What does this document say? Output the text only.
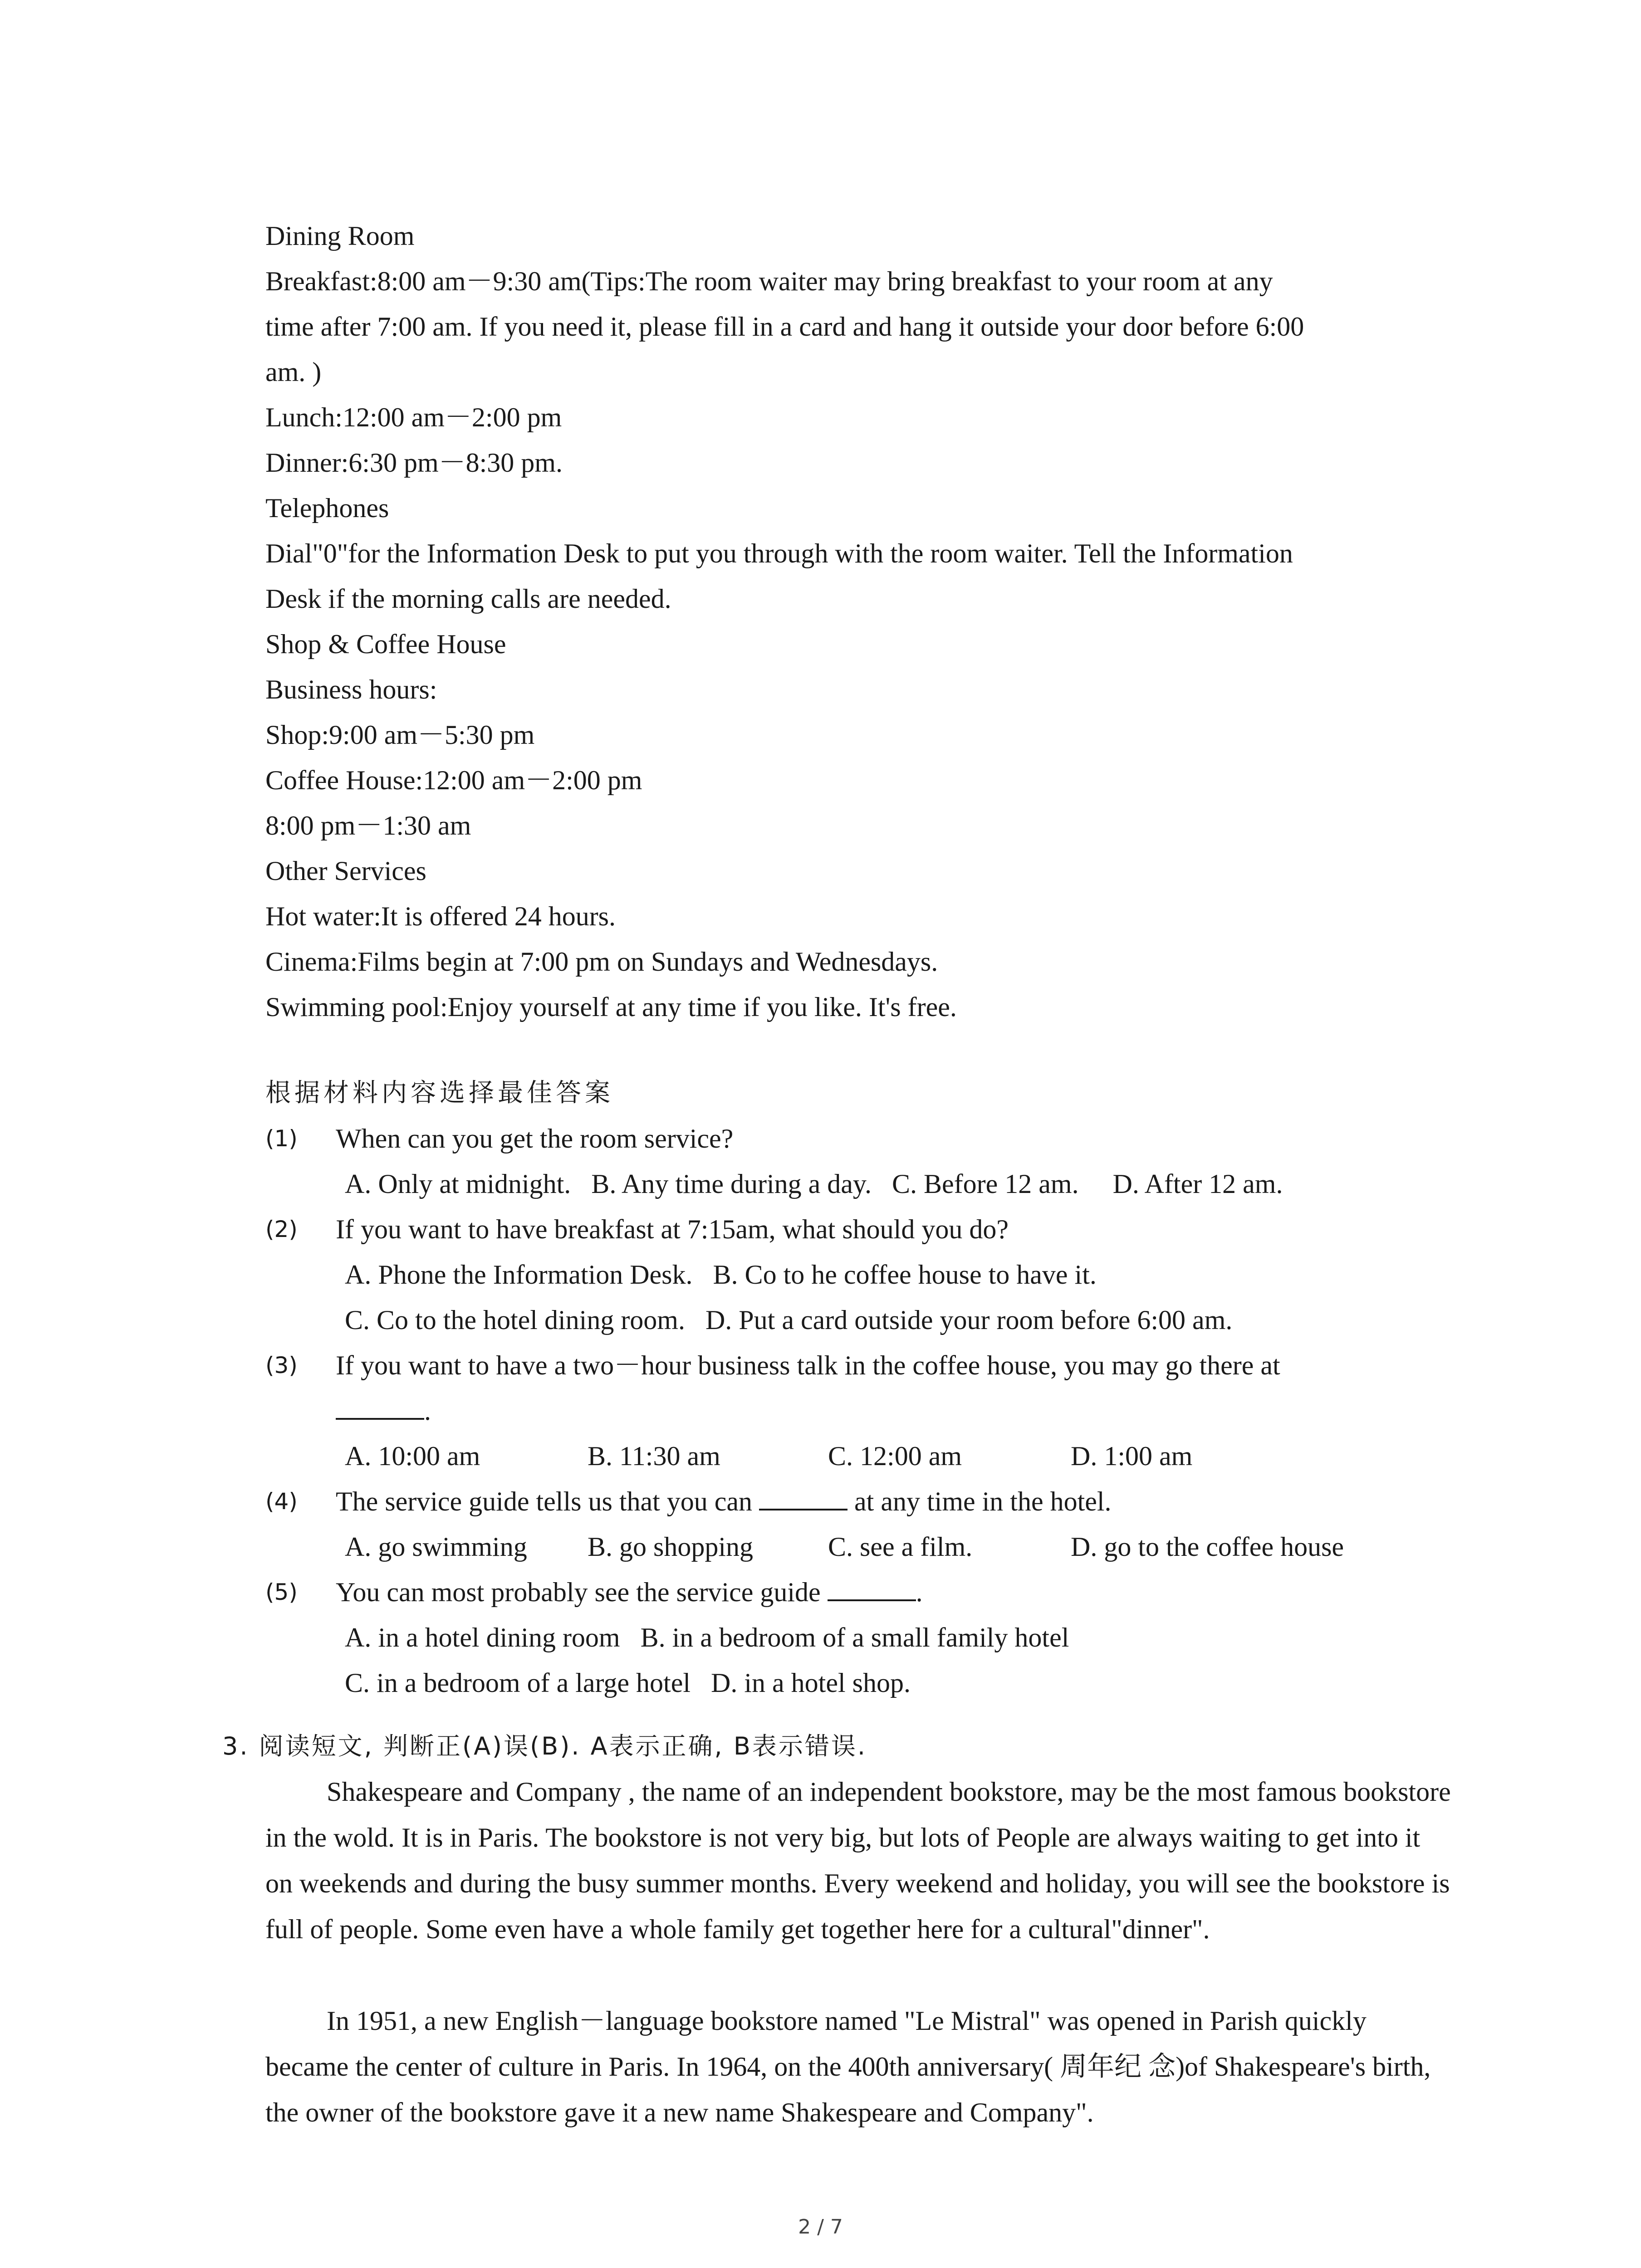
Dining Room
Breakfast:8:00 am－9:30 am(Tips:The room waiter may bring breakfast to your room at any
time after 7:00 am. If you need it, please fill in a card and hang it outside your door before 6:00
am. )
Lunch:12:00 am－2:00 pm
Dinner:6:30 pm－8:30 pm.
Telephones
Dial"0"for the Information Desk to put you through with the room waiter. Tell the Information
Desk if the morning calls are needed.
Shop & Coffee House
Business hours:
Shop:9:00 am－5:30 pm
Coffee House:12:00 am－2:00 pm
8:00 pm－1:30 am
Other Services
Hot water:It is offered 24 hours.
Cinema:Films begin at 7:00 pm on Sundays and Wednesdays.
Swimming pool:Enjoy yourself at any time if you like. It's free.
根据材料内容选择最佳答案
(1) When can you get the room service?
A. Only at midnight.   B. Any time during a day.   C. Before 12 am.     D. After 12 am.
(2) If you want to have breakfast at 7:15am, what should you do?
A. Phone the Information Desk.   B. Co to he coffee house to have it.
C. Co to the hotel dining room.   D. Put a card outside your room before 6:00 am.
(3) If you want to have a two－hour business talk in the coffee house, you may go there at
.
A. 10:00 am	B. 11:30 am	C. 12:00 am	D. 1:00 am
(4) The service guide tells us that you can	at any time in the hotel.
A. go swimming B. go shopping	C. see a film.	D. go to the coffee house
(5) You can most probably see the service guide	.
A. in a hotel dining room   B. in a bedroom of a small family hotel
C. in a bedroom of a large hotel   D. in a hotel shop.
3. 阅读短文, 判断正(A)误(B). A表示正确, B表示错误.
Shakespeare and Company , the name of an independent bookstore, may be the most famous bookstore in the wold. It is in Paris. The bookstore is not very big, but lots of People are always waiting to get into it on weekends and during the busy summer months. Every weekend and holiday, you will see the bookstore is full of people. Some even have a whole family get together here for a cultural"dinner".
In 1951, a new English－language bookstore named "Le Mistral" was opened in Parish quickly became the center of culture in Paris. In 1964, on the 400th anniversary( 周年纪 念)of Shakespeare's birth, the owner of the bookstore gave it a new name Shakespeare and Company".
2 / 7
